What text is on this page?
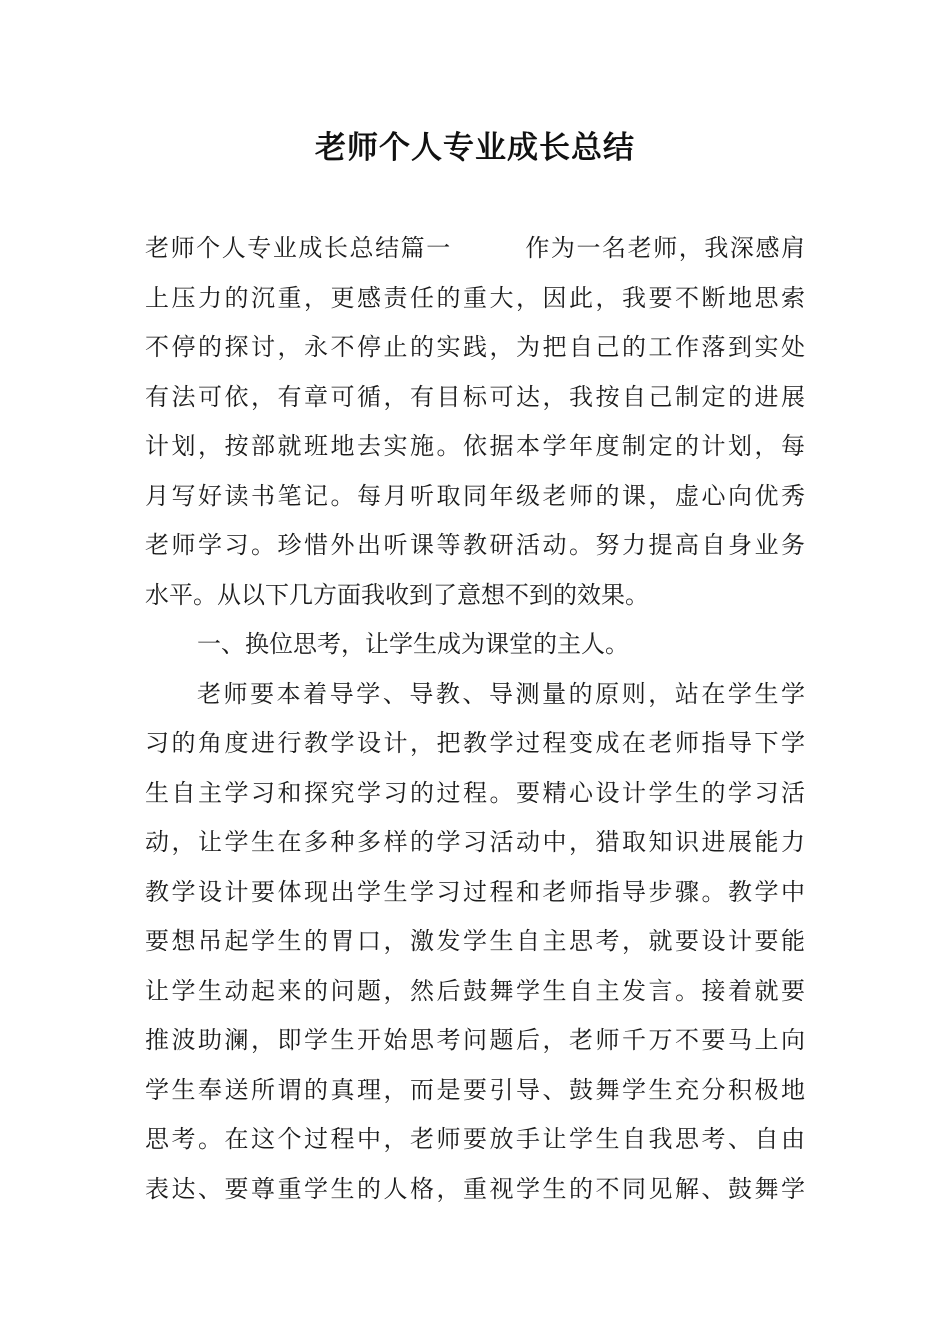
老师个人专业成长总结
老师个人专业成长总结篇一	作为一名老师，我深感肩
上压力的沉重，更感责任的重大，因此，我要不断地思索
不停的探讨，永不停止的实践，为把自己的工作落到实处
有法可依，有章可循，有目标可达，我按自己制定的进展
计划，按部就班地去实施。依据本学年度制定的计划，每
月写好读书笔记。每月听取同年级老师的课，虚心向优秀
老师学习。珍惜外出听课等教研活动。努力提高自身业务
水平。从以下几方面我收到了意想不到的效果。
一、换位思考，让学生成为课堂的主人。
老师要本着导学、导教、导测量的原则，站在学生学
习的角度进行教学设计，把教学过程变成在老师指导下学
生自主学习和探究学习的过程。要精心设计学生的学习活
动，让学生在多种多样的学习活动中，猎取知识进展能力
教学设计要体现出学生学习过程和老师指导步骤。教学中
要想吊起学生的胃口，激发学生自主思考，就要设计要能
让学生动起来的问题，然后鼓舞学生自主发言。接着就要
推波助澜，即学生开始思考问题后，老师千万不要马上向
学生奉送所谓的真理，而是要引导、鼓舞学生充分积极地
思考。在这个过程中，老师要放手让学生自我思考、自由
表达、要尊重学生的人格，重视学生的不同见解、鼓舞学
